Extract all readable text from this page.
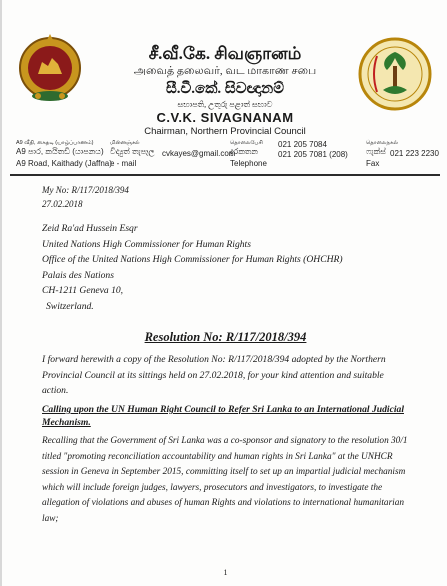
சீ.வீ.கே. சிவஞானம்
அவைத் தலைவர், வட மாகாண சபை
සී.වී.කේ. සිවඥානම්
සභාපති, උතුරු පළාත් සභාව
C.V.K. SIVAGNANAM
Chairman, Northern Provincial Council
A9 வீதி, கைதடி (யாழ்ப்பாணம்)
A9 පාර, කයිතඩි (යාපනය)
A9 Road, Kaithady (Jaffna)
மின்னஞ்சல்
විද්‍යුත් තැපෑල
e - mail
cvkayes@gmail.com
தொலைபேசி
දුරකතන
Telephone
021 205 7084
021 205 7081 (208)
தொலைநகல்
ෆැක්ස්
Fax
021 223 2230
My No: R/117/2018/394
27.02.2018

Zeid Ra'ad Hussein Esqr

United Nations High Commissioner for Human Rights

Office of the United Nations High Commissioner for Human Rights (OHCHR)

Palais des Nations

CH-1211 Geneva 10,

Switzerland.

Resolution No: R/117/2018/394

I forward herewith a copy of the Resolution No: R/117/2018/394 adopted by the Northern

Provincial Council at its sittings held on 27.02.2018, for your kind attention and suitable

action.

Calling upon the UN Human Right Council to Refer Sri Lanka to an International Judicial
Mechanism.

Recalling that the Government of Sri Lanka was a co-sponsor and signatory to the resolution 30/1

titled "promoting reconciliation accountability and human rights in Sri Lanka" at the UNHCR

session in Geneva in September 2015, committing itself to set up an impartial judicial mechanism

which will include foreign judges, lawyers, prosecutors and investigators, to investigate the

allegation of violations and abuses of human Rights and violations to international humanitarian

law;

1
